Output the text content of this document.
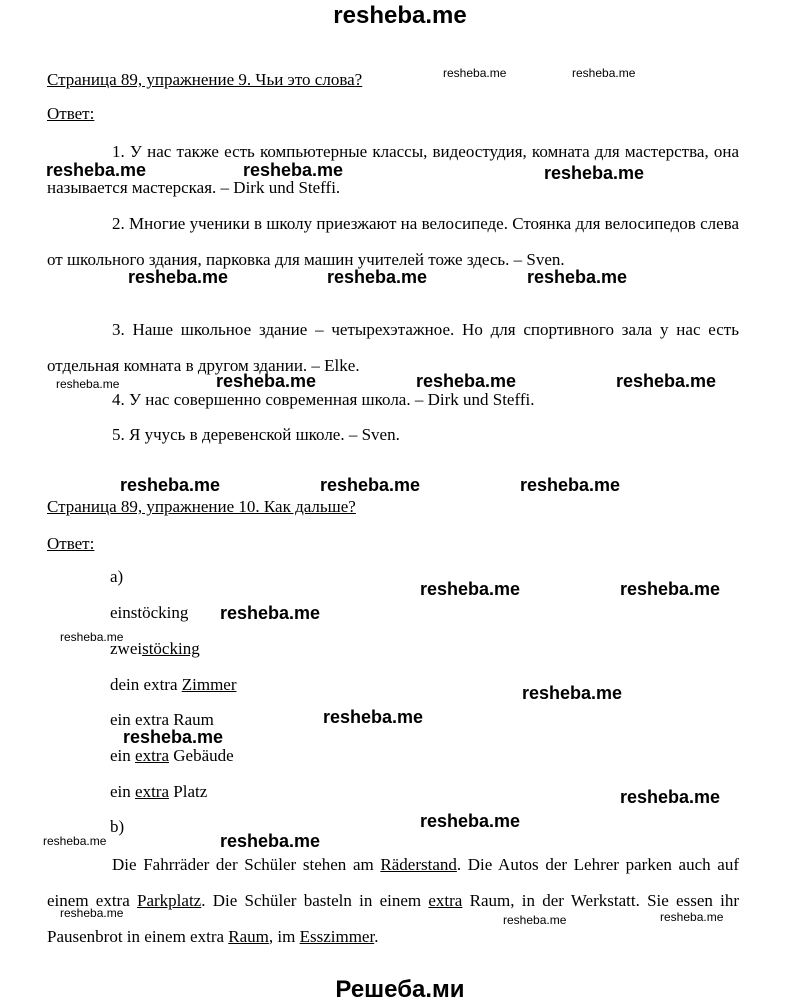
resheba.me
Страница 89, упражнение 9. Чьи это слова?
Ответ:

1. У нас также есть компьютерные классы, видеостудия, комната для мастерства, она называется мастерская. – Dirk und Steffi.

2. Многие ученики в школу приезжают на велосипеде. Стоянка для велосипедов слева от школьного здания, парковка для машин учителей тоже здесь. – Sven.

3. Наше школьное здание – четырехэтажное. Но для спортивного зала у нас есть отдельная комната в другом здании. – Elke.

4. У нас совершенно современная школа. – Dirk und Steffi.
5. Я учусь в деревенской школе. – Sven.
Страница 89, упражнение 10. Как дальше?
Ответ:
а)
einstöcking
zweistöcking
dein extra Zimmer
ein extra Raum
ein extra Gebäude
ein extra Platz
b)

Die Fahrräder der Schüler stehen am Räderstand. Die Autos der Lehrer parken auch auf einem extra Parkplatz. Die Schüler basteln in einem extra Raum, in der Werkstatt. Sie essen ihr Pausenbrot in einem extra Raum, im Esszimmer.

resheba.me	resheba.me
resheba.me	resheba.me	resheba.me
resheba.me	resheba.me	resheba.me
resheba.me	resheba.me	resheba.me	resheba.me
resheba.me	resheba.me	resheba.me
resheba.me	resheba.me
resheba.me
resheba.me
resheba.me
resheba.me
resheba.me
resheba.me
resheba.me
resheba.me
resheba.me
resheba.me	resheba.me	resheba.me
Решеба.ми
